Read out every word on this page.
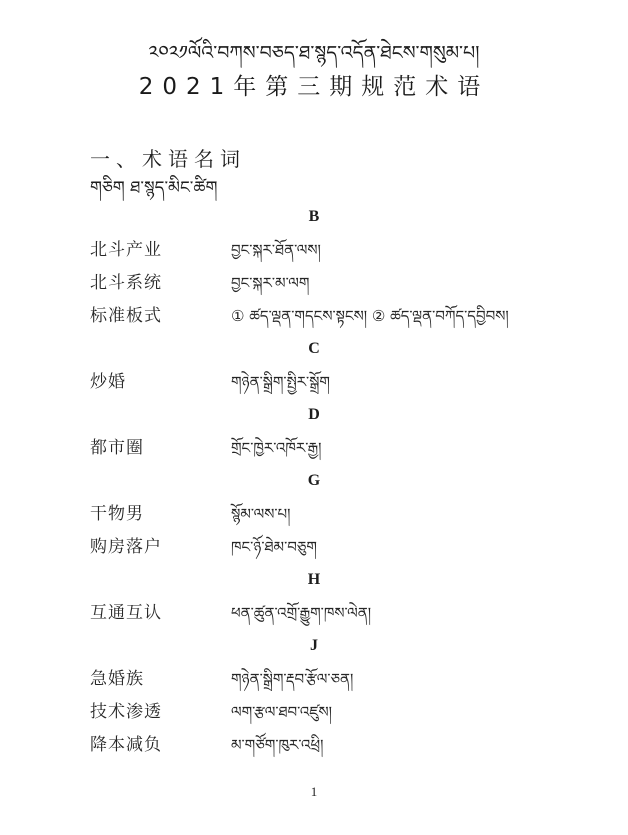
༢༠༢༡ལོའི་བཀས་བཅད་ཐ་སྙད་འདོན་ཐེངས་གསུམ་པ།
2021年第三期规范术语
一、术语名词
གཅིག ཐ་སྙད་མིང་ཚིག
B
北斗产业	བྱང་སྐར་ཐོན་ལས།
北斗系统	བྱང་སྐར་མ་ལག
标准板式	① ཚད་ལྡན་གདངས་སྟངས། ② ཚད་ལྡན་བཀོད་དབྱིབས།
C
炒婚	གཉེན་སྒྲིག་སྤྱིར་སྒྲོག
D
都市圈	གྲོང་ཁྱེར་འཁོར་རྒྱ།
G
干物男	སྙོམ་ལས་པ།
购房落户	ཁང་ཉོ་ཐེམ་བཅུག
H
互通互认	ཕན་ཚུན་འགྲོ་རྒྱུག་ཁས་ལེན།
J
急婚族	གཉེན་སྒྲིག་རྡབ་རྩོལ་ཅན།
技术渗透	ལག་རྩལ་ཐབ་འཛུས།
降本减负	མ་གཙོག་ཁུར་འཕྲི།
1
